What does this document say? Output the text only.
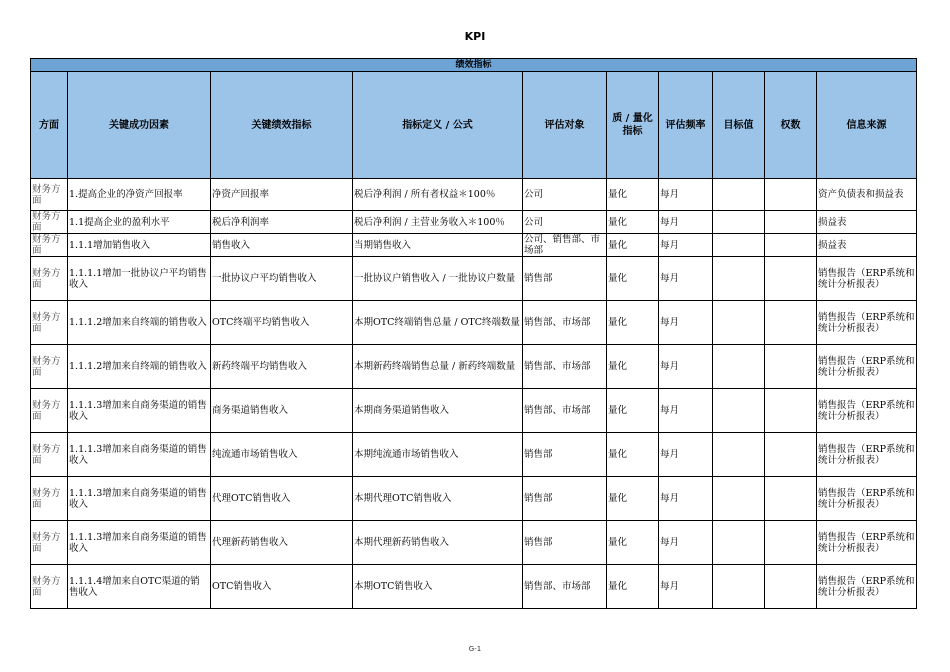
KPI
绩效指标									
方面	关键成功因素	关键绩效指标	指标定义 / 公式	评估对象	质 / 量化指标	评估频率	目标值	权数	信息来源
财务方面	1.提高企业的净资产回报率	净资产回报率	税后净利润 / 所有者权益＊100％	公司	量化	每月			资产负债表和损益表
财务方面	1.1提高企业的盈利水平	税后净利润率	税后净利润 / 主营业务收入＊100％	公司	量化	每月			损益表
财务方面	1.1.1增加销售收入	销售收入	当期销售收入	公司、销售部、市场部	量化	每月			损益表
财务方面	1.1.1.1增加一批协议户平均销售收入	一批协议户平均销售收入	一批协议户销售收入 / 一批协议户数量	销售部	量化	每月			销售报告（ERP系统和统计分析报表）
财务方面	1.1.1.2增加来自终端的销售收入	OTC终端平均销售收入	本期OTC终端销售总量 / OTC终端数量	销售部、市场部	量化	每月			销售报告（ERP系统和统计分析报表）
财务方面	1.1.1.2增加来自终端的销售收入	新药终端平均销售收入	本期新药终端销售总量 / 新药终端数量	销售部、市场部	量化	每月			销售报告（ERP系统和统计分析报表）
财务方面	1.1.1.3增加来自商务渠道的销售收入	商务渠道销售收入	本期商务渠道销售收入	销售部、市场部	量化	每月			销售报告（ERP系统和统计分析报表）
财务方面	1.1.1.3增加来自商务渠道的销售收入	纯流通市场销售收入	本期纯流通市场销售收入	销售部	量化	每月			销售报告（ERP系统和统计分析报表）
财务方面	1.1.1.3增加来自商务渠道的销售收入	代理OTC销售收入	本期代理OTC销售收入	销售部	量化	每月			销售报告（ERP系统和统计分析报表）
财务方面	1.1.1.3增加来自商务渠道的销售收入	代理新药销售收入	本期代理新药销售收入	销售部	量化	每月			销售报告（ERP系统和统计分析报表）
财务方面	1.1.1.4增加来自OTC渠道的销售收入	OTC销售收入	本期OTC销售收入	销售部、市场部	量化	每月			销售报告（ERP系统和统计分析报表）
G-1
